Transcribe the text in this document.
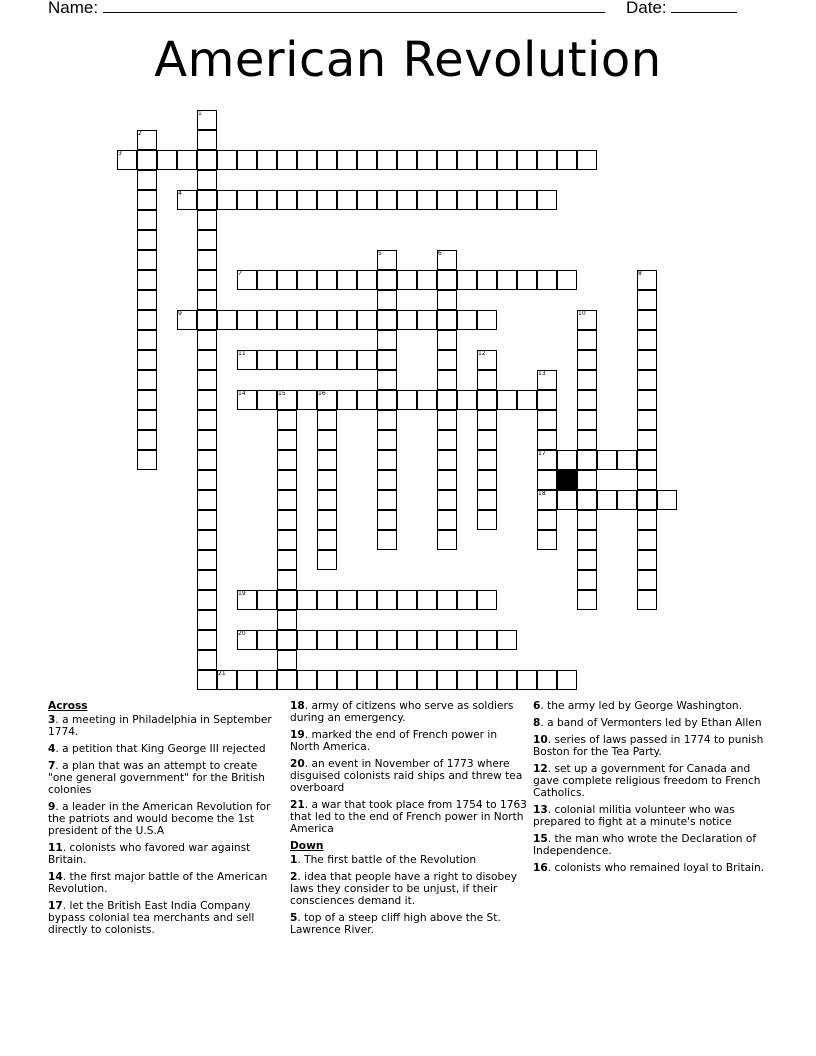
Name:	Date:
American Revolution
1
2
3
4
5	6
7	8
9	10
11	12
13
14	15	16
17
18
19
20
21
Across
3. a meeting in Philadelphia in September 1774.
4. a petition that King George III rejected
7. a plan that was an attempt to create "one general government" for the British colonies
9. a leader in the American Revolution for the patriots and would become the 1st president of the U.S.A
11. colonists who favored war against Britain.
14. the first major battle of the American Revolution.
17. let the British East India Company bypass colonial tea merchants and sell directly to colonists.
18. army of citizens who serve as soldiers during an emergency.
19. marked the end of French power in North America.
20. an event in November of 1773 where disguised colonists raid ships and threw tea overboard
21. a war that took place from 1754 to 1763 that led to the end of French power in North America
Down
1. The first battle of the Revolution
2. idea that people have a right to disobey laws they consider to be unjust, if their consciences demand it.
5. top of a steep cliff high above the St. Lawrence River.
6. the army led by George Washington.
8. a band of Vermonters led by Ethan Allen
10. series of laws passed in 1774 to punish Boston for the Tea Party.
12. set up a government for Canada and gave complete religious freedom to French Catholics.
13. colonial militia volunteer who was prepared to fight at a minute's notice
15. the man who wrote the Declaration of Independence.
16. colonists who remained loyal to Britain.
